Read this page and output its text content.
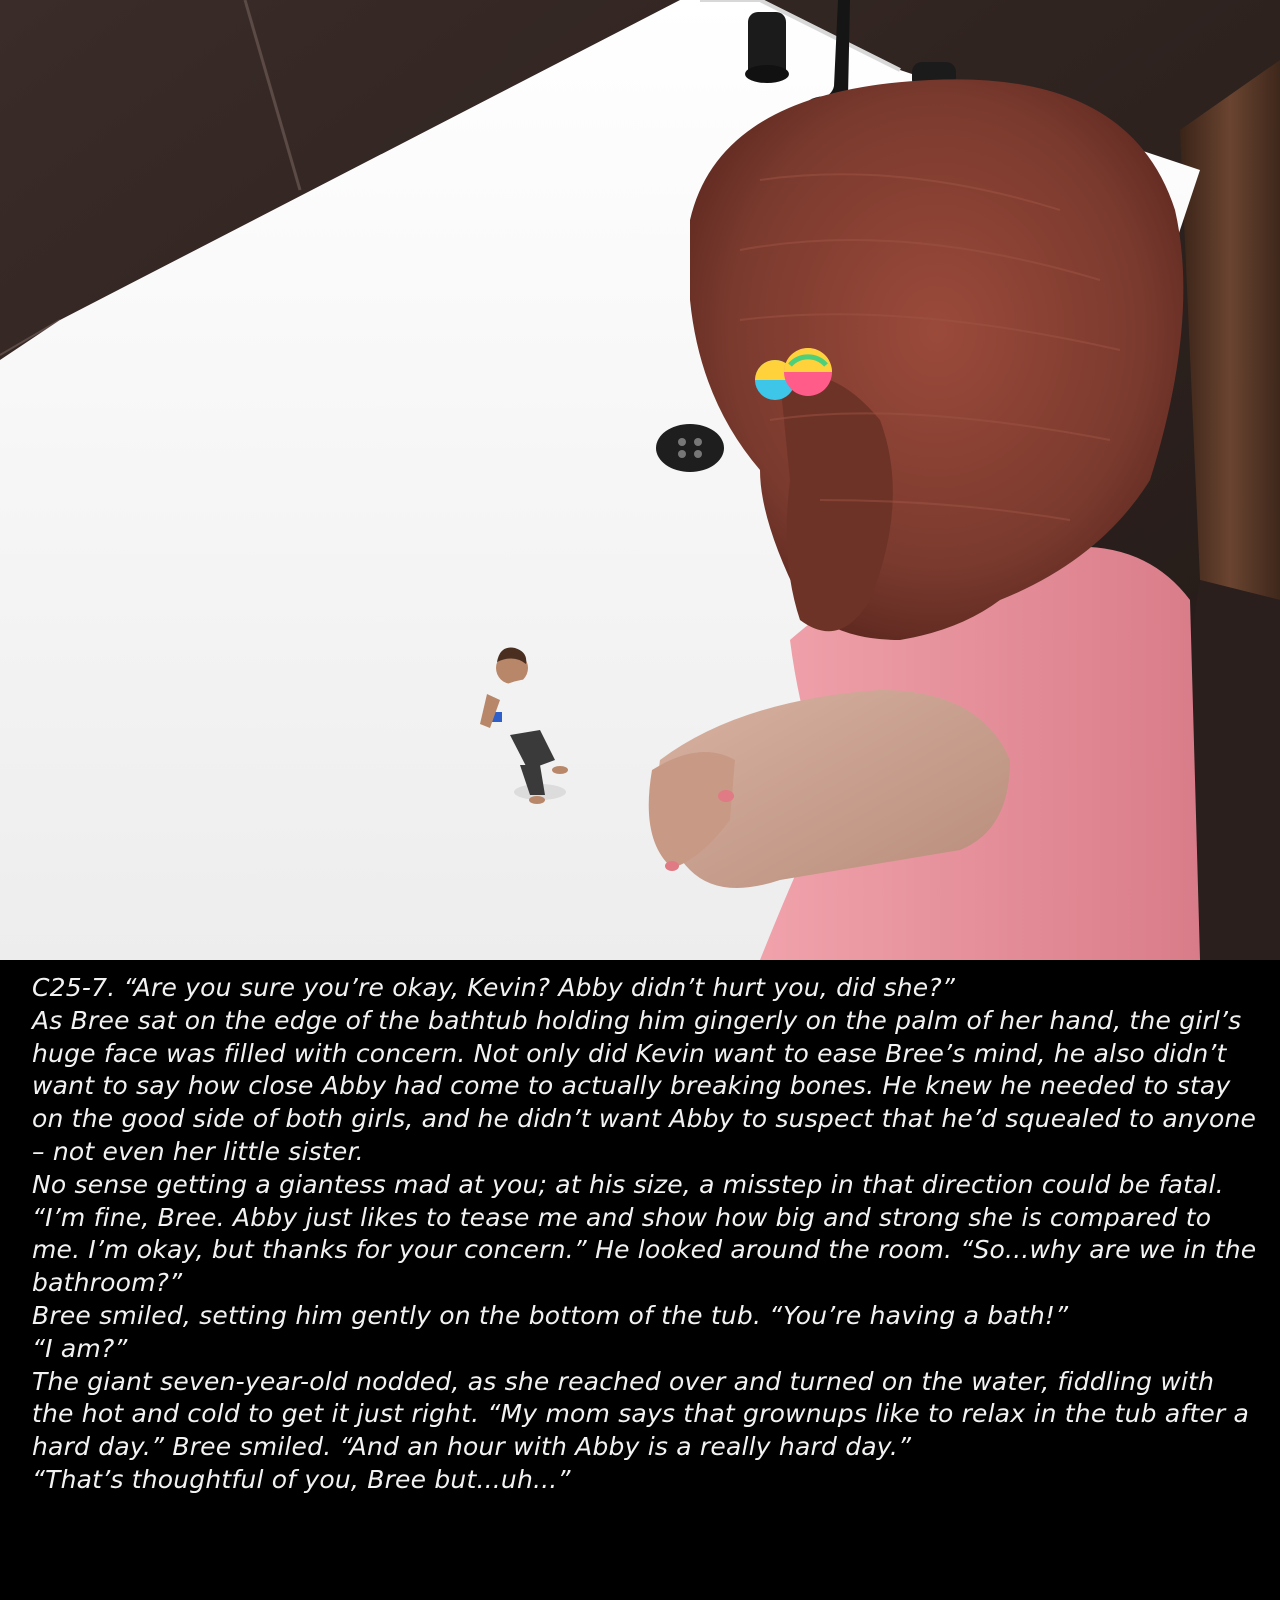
C25-7. “Are you sure you’re okay, Kevin? Abby didn’t hurt you, did she?”

As Bree sat on the edge of the bathtub holding him gingerly on the palm of her hand, the girl’s huge face was filled with concern. Not only did Kevin want to ease Bree’s mind, he also didn’t want to say how close Abby had come to actually breaking bones. He knew he needed to stay on the good side of both girls, and he didn’t want Abby to suspect that he’d squealed to anyone – not even her little sister.

No sense getting a giantess mad at you; at his size, a misstep in that direction could be fatal.

“I’m fine, Bree. Abby just likes to tease me and show how big and strong she is compared to me. I’m okay, but thanks for your concern.” He looked around the room. “So...why are we in the bathroom?”

Bree smiled, setting him gently on the bottom of the tub. “You’re having a bath!”

“I am?”

The giant seven-year-old nodded, as she reached over and turned on the water, fiddling with the hot and cold to get it just right. “My mom says that grownups like to relax in the tub after a hard day.” Bree smiled. “And an hour with Abby is a really hard day.”

“That’s thoughtful of you, Bree but...uh...”
